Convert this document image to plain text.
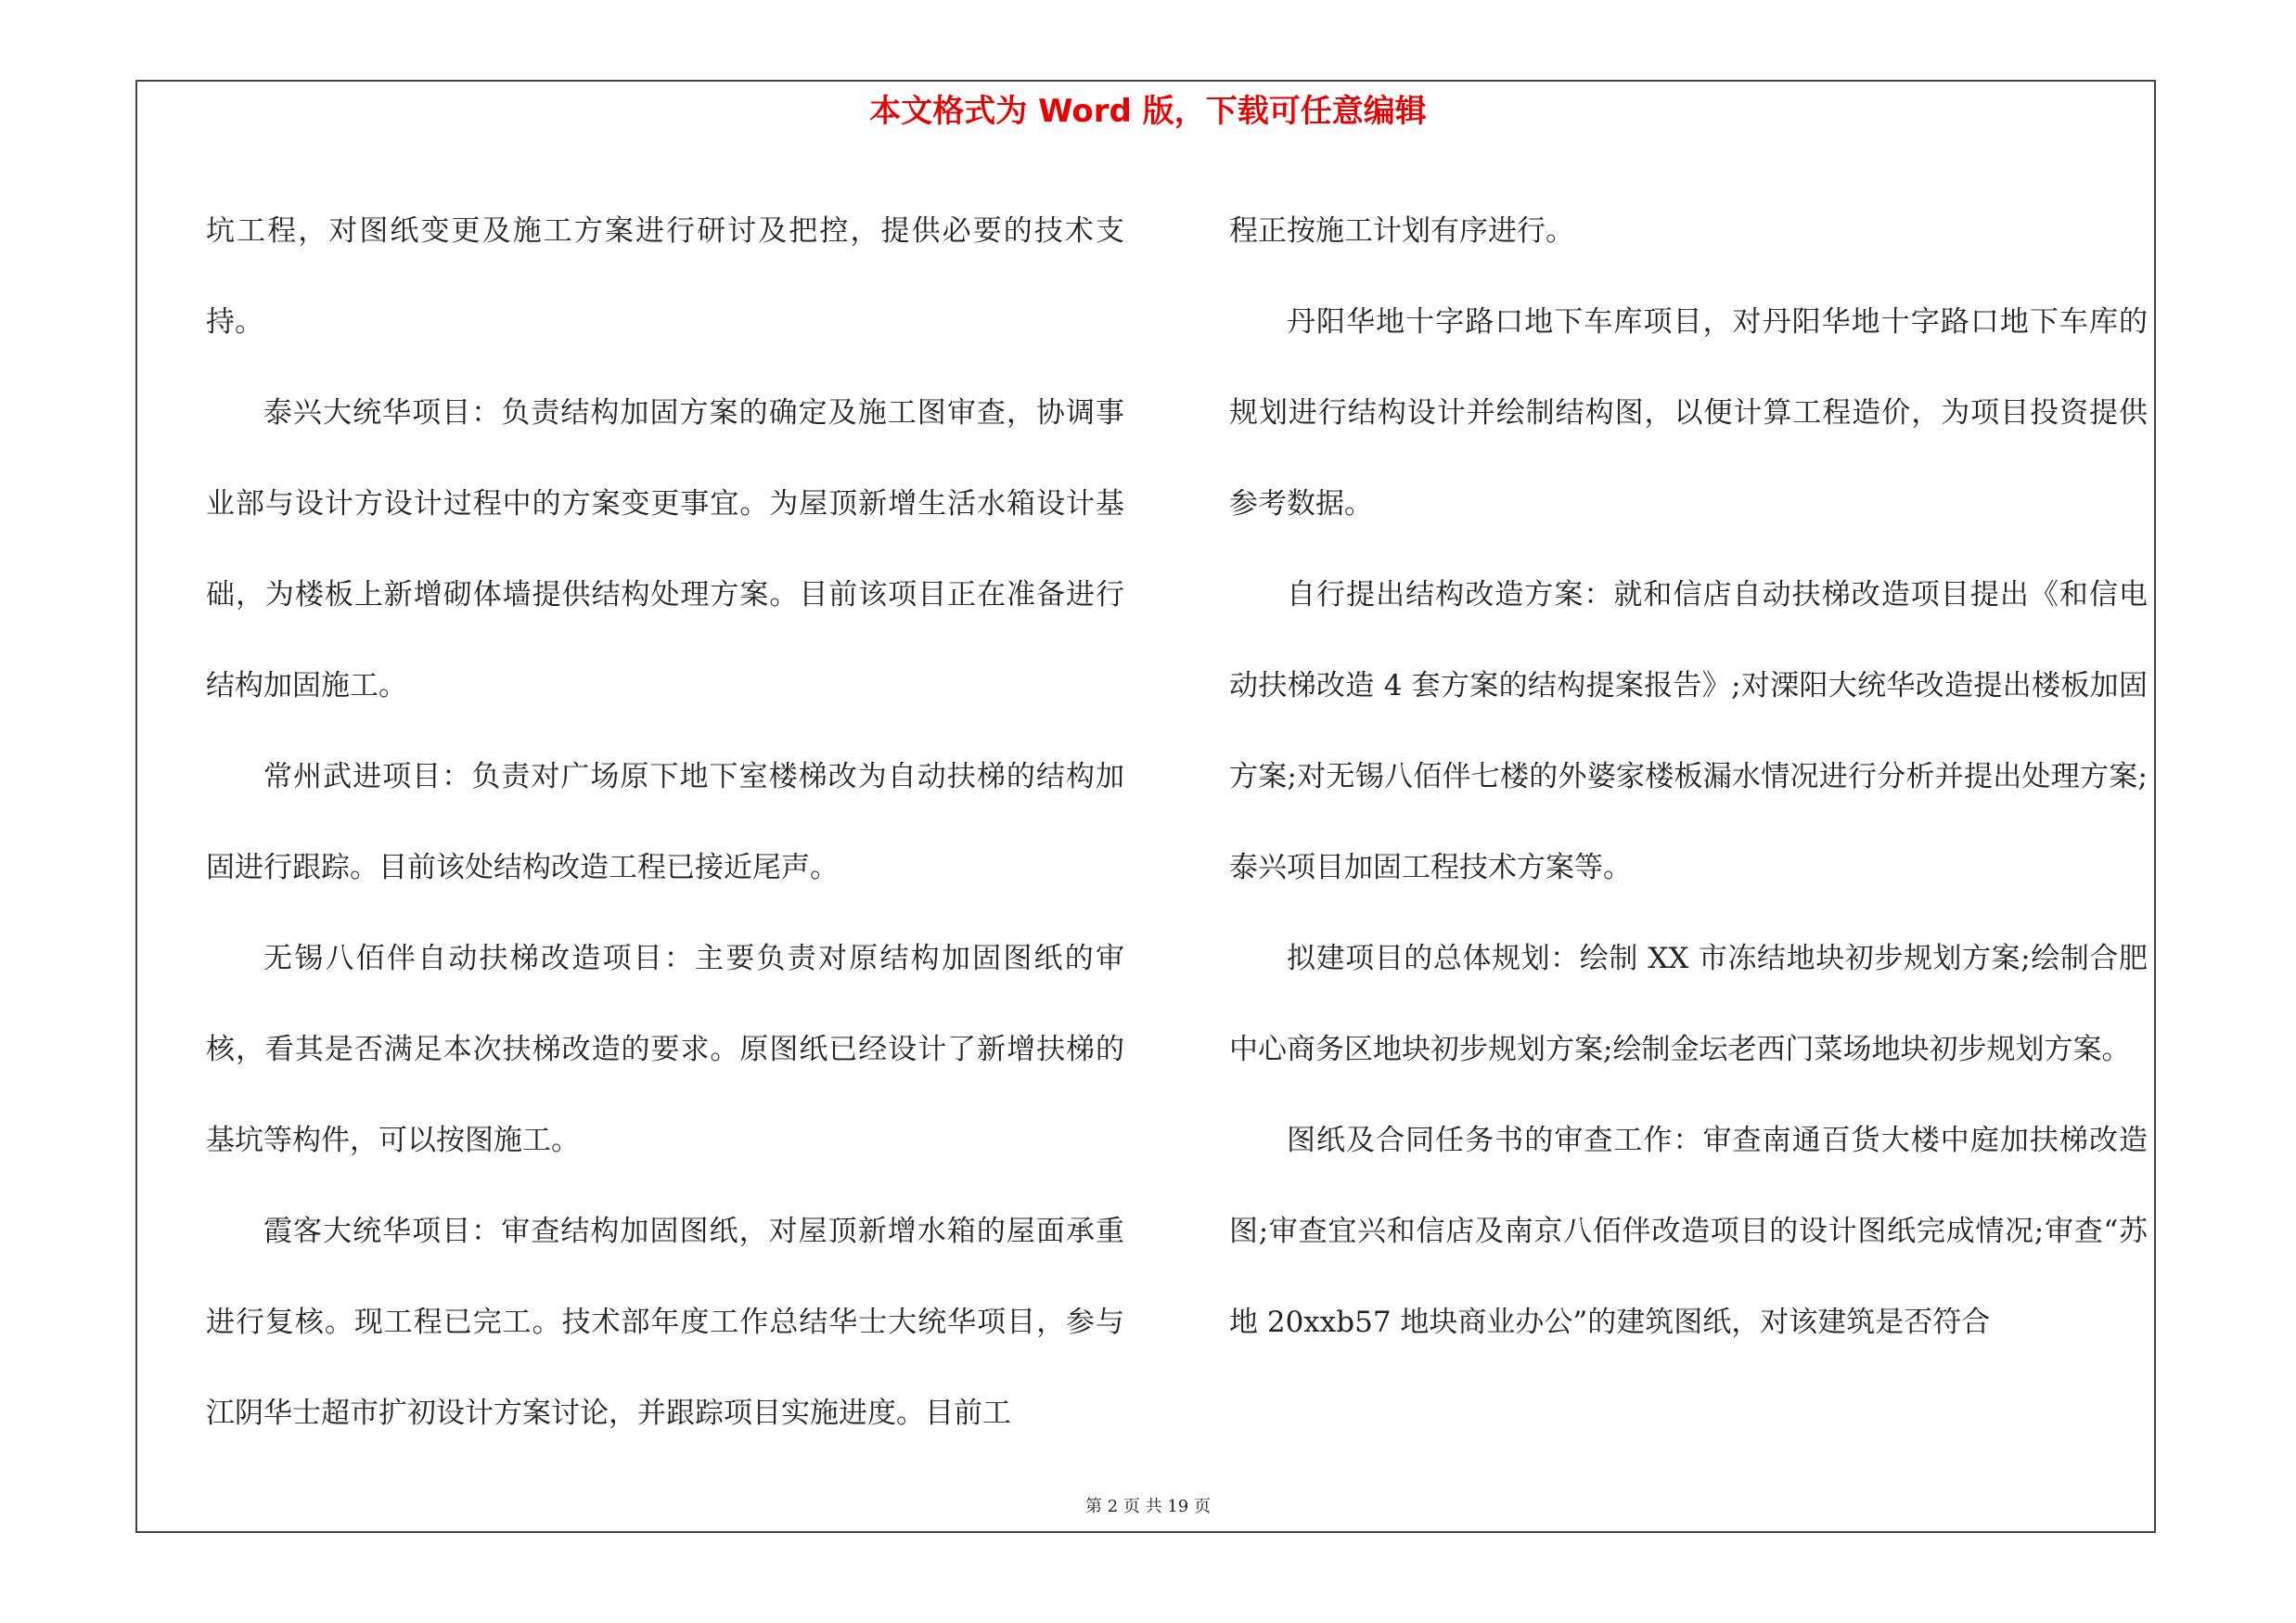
本文格式为 Word 版，下载可任意编辑

坑工程，对图纸变更及施工方案进行研讨及把控，提供必要的技术支持。

泰兴大统华项目：负责结构加固方案的确定及施工图审查，协调事业部与设计方设计过程中的方案变更事宜。为屋顶新增生活水箱设计基础，为楼板上新增砌体墙提供结构处理方案。目前该项目正在准备进行结构加固施工。

常州武进项目：负责对广场原下地下室楼梯改为自动扶梯的结构加固进行跟踪。目前该处结构改造工程已接近尾声。

无锡八佰伴自动扶梯改造项目：主要负责对原结构加固图纸的审核，看其是否满足本次扶梯改造的要求。原图纸已经设计了新增扶梯的基坑等构件，可以按图施工。

霞客大统华项目：审查结构加固图纸，对屋顶新增水箱的屋面承重进行复核。现工程已完工。技术部年度工作总结华士大统华项目，参与江阴华士超市扩初设计方案讨论，并跟踪项目实施进度。目前工

程正按施工计划有序进行。

丹阳华地十字路口地下车库项目，对丹阳华地十字路口地下车库的规划进行结构设计并绘制结构图，以便计算工程造价，为项目投资提供参考数据。

自行提出结构改造方案：就和信店自动扶梯改造项目提出《和信电动扶梯改造 4 套方案的结构提案报告》;对溧阳大统华改造提出楼板加固方案;对无锡八佰伴七楼的外婆家楼板漏水情况进行分析并提出处理方案;泰兴项目加固工程技术方案等。

拟建项目的总体规划：绘制 XX 市冻结地块初步规划方案;绘制合肥中心商务区地块初步规划方案;绘制金坛老西门菜场地块初步规划方案。

图纸及合同任务书的审查工作：审查南通百货大楼中庭加扶梯改造图;审查宜兴和信店及南京八佰伴改造项目的设计图纸完成情况;审查“苏地 20xxb57 地块商业办公”的建筑图纸，对该建筑是否符合

第 2 页 共 19 页
